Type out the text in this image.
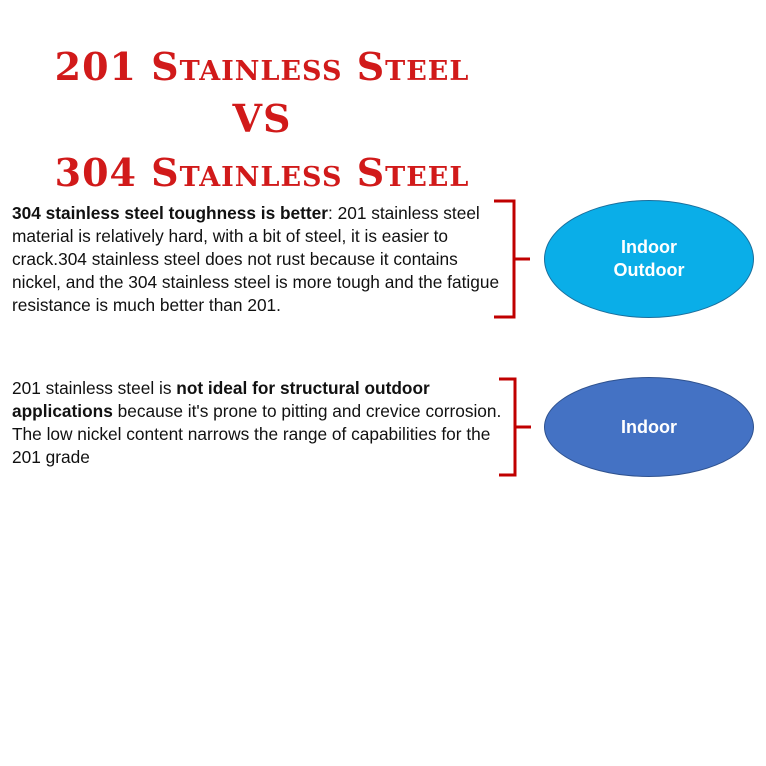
201 Stainless Steel
VS
304 Stainless Steel
304 stainless steel toughness is better: 201 stainless steel material is relatively hard, with a bit of steel, it is easier to crack.304 stainless steel does not rust because it contains nickel, and the 304 stainless steel is more tough and the fatigue resistance is much better than 201.
Indoor
Outdoor
201 stainless steel is not ideal for structural outdoor applications because it's prone to pitting and crevice corrosion. The low nickel content narrows the range of capabilities for the 201 grade
Indoor
